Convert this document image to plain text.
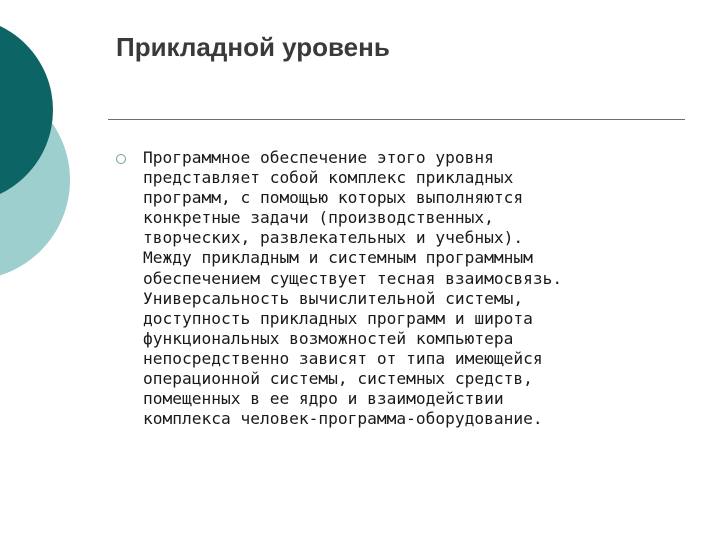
Прикладной уровень

Программное обеспечение этого уровня
представляет собой комплекс прикладных
программ, с помощью которых выполняются
конкретные задачи (производственных,
творческих, развлекательных и учебных).
Между прикладным и системным программным
обеспечением существует тесная взаимосвязь.
Универсальность вычислительной системы,
доступность прикладных программ и широта
функциональных возможностей компьютера
непосредственно зависят от типа имеющейся
операционной системы, системных средств,
помещенных в ее ядро и взаимодействии
комплекса человек-программа-оборудование.
